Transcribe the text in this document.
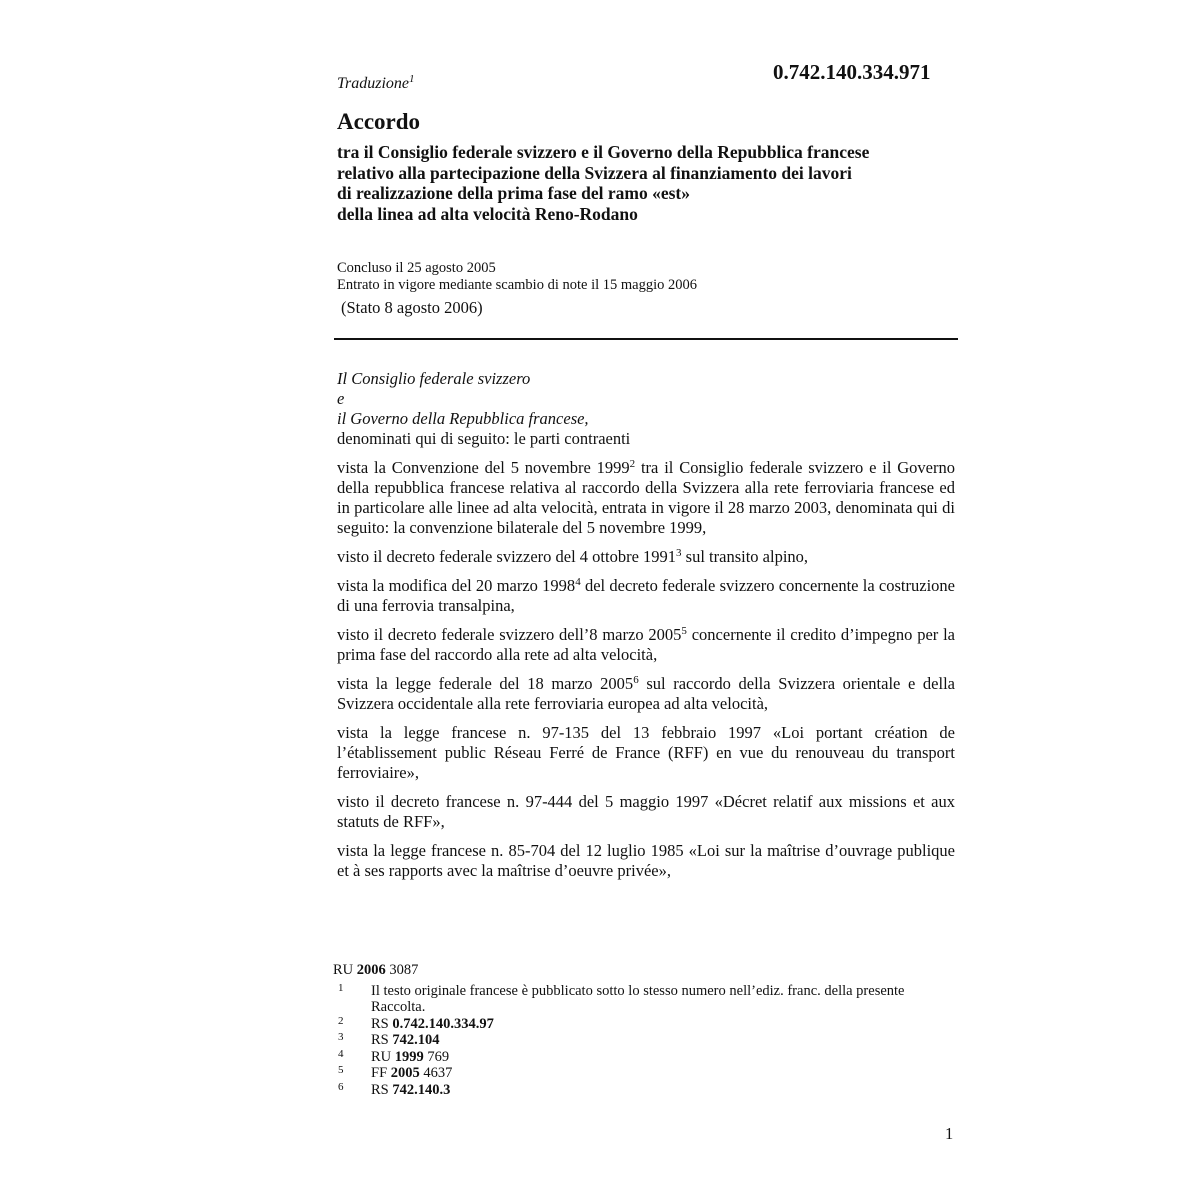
Traduzione$^1$	0.742.140.334.971
Accordo
tra il Consiglio federale svizzero e il Governo della Repubblica francese
relativo alla partecipazione della Svizzera al finanziamento dei lavori
di realizzazione della prima fase del ramo «est»
della linea ad alta velocità Reno-Rodano
Concluso il 25 agosto 2005
Entrato in vigore mediante scambio di note il 15 maggio 2006
(Stato 8 agosto 2006)
Il Consiglio federale svizzero
e
il Governo della Repubblica francese,
denominati qui di seguito: le parti contraenti

vista la Convenzione del 5 novembre 1999$^2$ tra il Consiglio federale svizzero e il Governo della repubblica francese relativa al raccordo della Svizzera alla rete ferroviaria francese ed in particolare alle linee ad alta velocità, entrata in vigore il 28 marzo 2003, denominata qui di seguito: la convenzione bilaterale del 5 novembre 1999,

visto il decreto federale svizzero del 4 ottobre 1991$^3$ sul transito alpino,

vista la modifica del 20 marzo 1998$^4$ del decreto federale svizzero concernente la costruzione di una ferrovia transalpina,

visto il decreto federale svizzero dell’8 marzo 2005$^5$ concernente il credito d’impegno per la prima fase del raccordo alla rete ad alta velocità,

vista la legge federale del 18 marzo 2005$^6$ sul raccordo della Svizzera orientale e della Svizzera occidentale alla rete ferroviaria europea ad alta velocità,

vista la legge francese n. 97-135 del 13 febbraio 1997 «Loi portant création de l’établissement public Réseau Ferré de France (RFF) en vue du renouveau du transport ferroviaire»,

visto il decreto francese n. 97-444 del 5 maggio 1997 «Décret relatif aux missions et aux statuts de RFF»,

vista la legge francese n. 85-704 del 12 luglio 1985 «Loi sur la maîtrise d’ouvrage publique et à ses rapports avec la maîtrise d’oeuvre privée»,

RU 2006 3087
1 Il testo originale francese è pubblicato sotto lo stesso numero nell’ediz. franc. della presente Raccolta.
2 RS 0.742.140.334.97
3 RS 742.104
4 RU 1999 769
5 FF 2005 4637
6 RS 742.140.3
1
